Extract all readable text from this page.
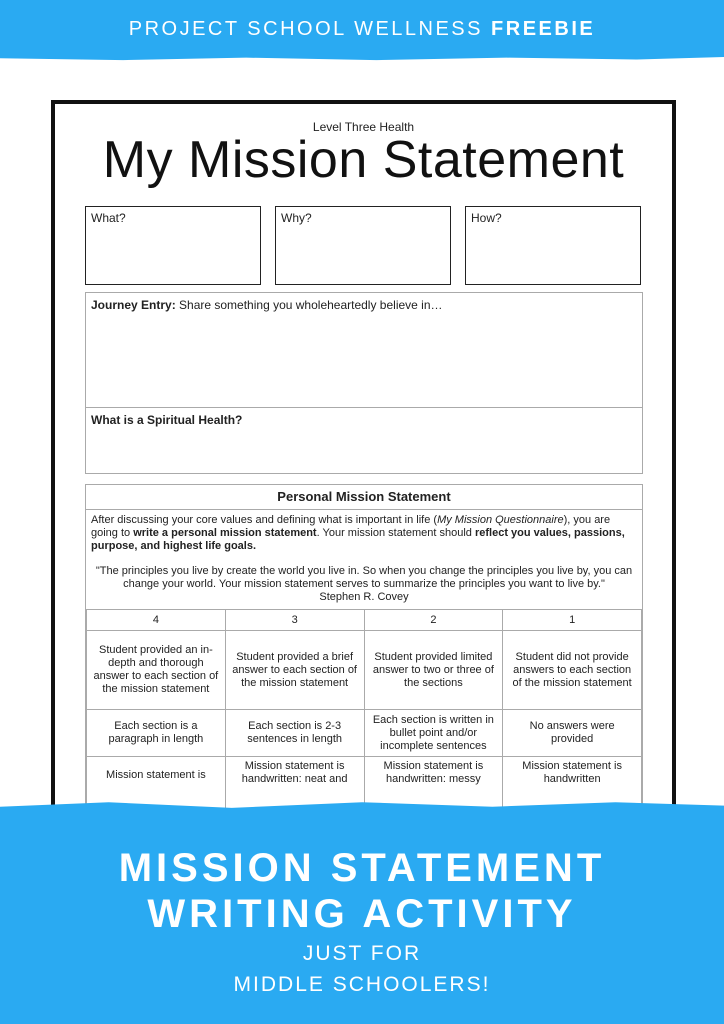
PROJECT SCHOOL WELLNESS FREEBIE
Level Three Health
My Mission Statement
What?	Why?	How?
Journey Entry: Share something you wholeheartedly believe in…
What is a Spiritual Health?
Personal Mission Statement
After discussing your core values and defining what is important in life (My Mission Questionnaire), you are going to write a personal mission statement. Your mission statement should reflect you values, passions, purpose, and highest life goals.
"The principles you live by create the world you live in. So when you change the principles you live by, you can change your world. Your mission statement serves to summarize the principles you want to live by."
Stephen R. Covey
4	3	2	1
Student provided an in-depth and thorough answer to each section of the mission statement	Student provided a brief answer to each section of the mission statement	Student provided limited answer to two or three of the sections	Student did not provide answers to each section of the mission statement
Each section is a paragraph in length	Each section is 2-3 sentences in length	Each section is written in bullet point and/or incomplete sentences	No answers were provided
Mission statement is	Mission statement is handwritten: neat and	Mission statement is handwritten: messy	Mission statement is handwritten
MISSION STATEMENT
WRITING ACTIVITY
JUST FOR
MIDDLE SCHOOLERS!
